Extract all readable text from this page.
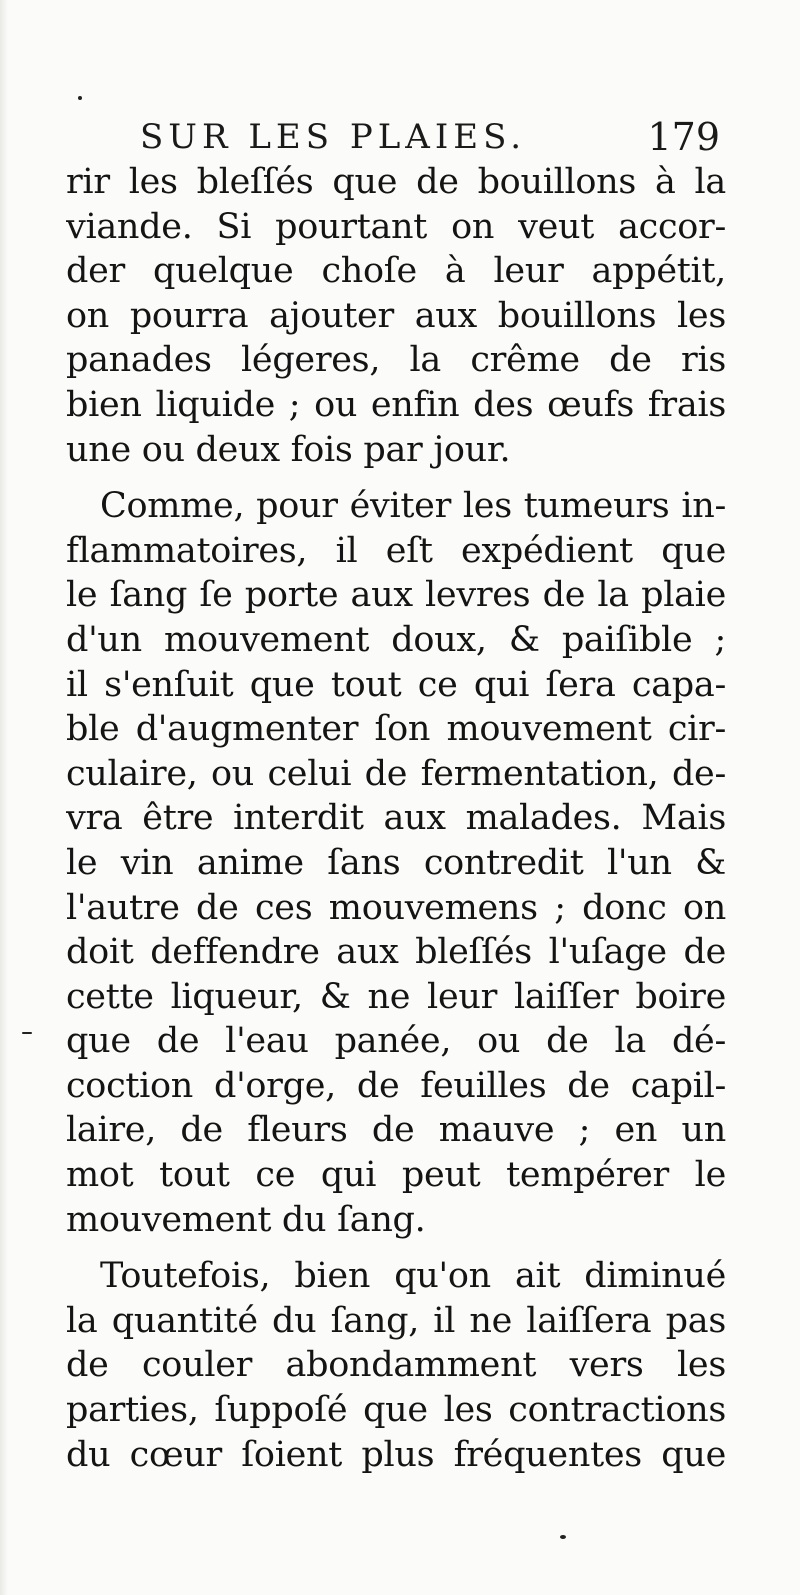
SUR LES PLAIES.	179
rir les bleſſés que de bouillons à la
viande. Si pourtant on veut accor-
der quelque choſe à leur appétit,
on pourra ajouter aux bouillons les
panades légeres, la crême de ris
bien liquide ; ou enfin des œufs frais
une ou deux fois par jour.
Comme, pour éviter les tumeurs in-
flammatoires, il eſt expédient que
le ſang ſe porte aux levres de la plaie
d'un mouvement doux, & paiſible ;
il s'enſuit que tout ce qui ſera capa-
ble d'augmenter ſon mouvement cir-
culaire, ou celui de fermentation, de-
vra être interdit aux malades. Mais
le vin anime ſans contredit l'un &
l'autre de ces mouvemens ; donc on
doit deffendre aux bleſſés l'uſage de
cette liqueur, & ne leur laiſſer boire
que de l'eau panée, ou de la dé-
coction d'orge, de feuilles de capil-
laire, de fleurs de mauve ; en un
mot tout ce qui peut tempérer le
mouvement du ſang.
Toutefois, bien qu'on ait diminué
la quantité du ſang, il ne laiſſera pas
de couler abondamment vers les
parties, ſuppoſé que les contractions
du cœur ſoient plus fréquentes que
